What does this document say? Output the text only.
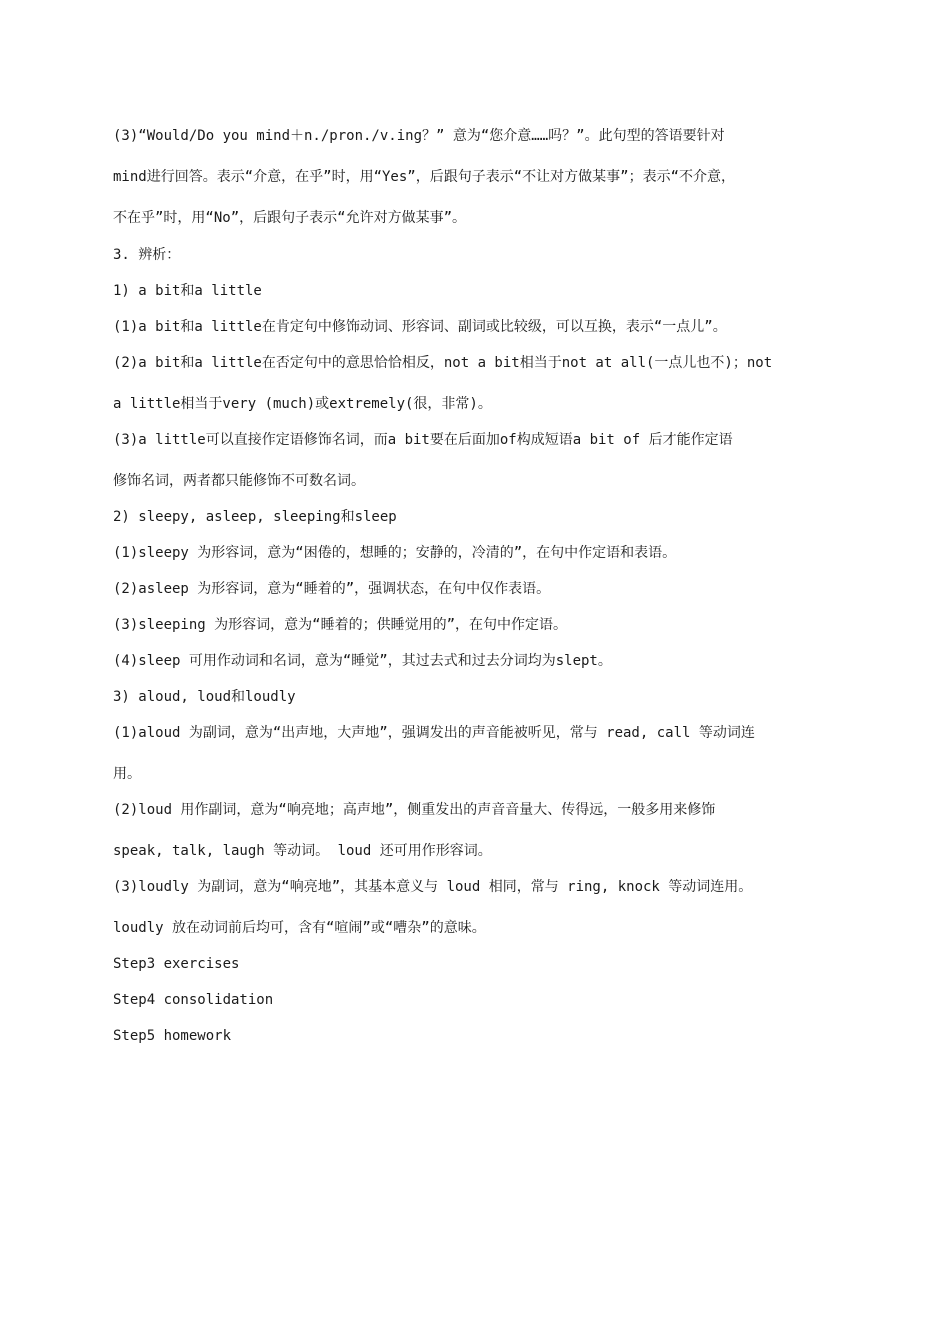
(3)“Would/Do you mind＋n./pron./v.ing？” 意为“您介意……吗？”。此句型的答语要针对
mind进行回答。表示“介意，在乎”时，用“Yes”，后跟句子表示“不让对方做某事”；表示“不介意，
不在乎”时，用“No”，后跟句子表示“允许对方做某事”。
3. 辨析：
1) a bit和a little
(1)a bit和a little在肯定句中修饰动词、形容词、副词或比较级，可以互换，表示“一点儿”。
(2)a bit和a little在否定句中的意思恰恰相反，not a bit相当于not at all(一点儿也不)；not
a little相当于very (much)或extremely(很，非常)。
(3)a little可以直接作定语修饰名词，而a bit要在后面加of构成短语a bit of 后才能作定语
修饰名词，两者都只能修饰不可数名词。
2) sleepy, asleep, sleeping和sleep
(1)sleepy 为形容词，意为“困倦的，想睡的；安静的，冷清的”，在句中作定语和表语。
(2)asleep 为形容词，意为“睡着的”，强调状态，在句中仅作表语。
(3)sleeping 为形容词，意为“睡着的；供睡觉用的”，在句中作定语。
(4)sleep 可用作动词和名词，意为“睡觉”，其过去式和过去分词均为slept。
3) aloud, loud和loudly
(1)aloud 为副词，意为“出声地，大声地”，强调发出的声音能被听见，常与 read, call 等动词连
用。
(2)loud 用作副词，意为“响亮地；高声地”，侧重发出的声音音量大、传得远，一般多用来修饰
speak, talk, laugh 等动词。 loud 还可用作形容词。
(3)loudly 为副词，意为“响亮地”，其基本意义与 loud 相同，常与 ring, knock 等动词连用。
loudly 放在动词前后均可，含有“喧闹”或“嘈杂”的意味。
Step3 exercises
Step4 consolidation
Step5 homework
